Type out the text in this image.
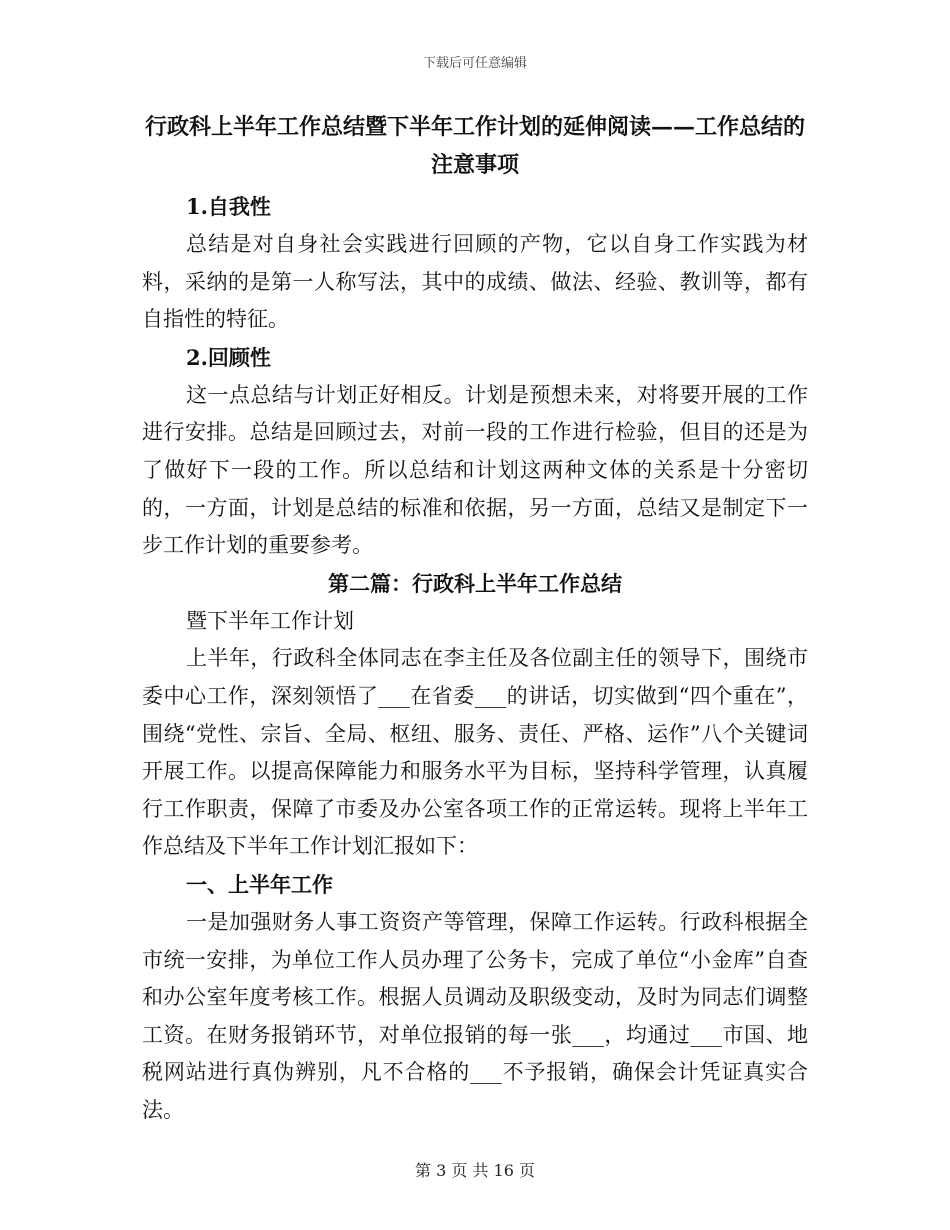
下载后可任意编辑
行政科上半年工作总结暨下半年工作计划的延伸阅读——工作总结的注意事项
1.自我性
总结是对自身社会实践进行回顾的产物，它以自身工作实践为材料，采纳的是第一人称写法，其中的成绩、做法、经验、教训等，都有自指性的特征。
2.回顾性
这一点总结与计划正好相反。计划是预想未来，对将要开展的工作进行安排。总结是回顾过去，对前一段的工作进行检验，但目的还是为了做好下一段的工作。所以总结和计划这两种文体的关系是十分密切的，一方面，计划是总结的标准和依据，另一方面，总结又是制定下一步工作计划的重要参考。
第二篇：行政科上半年工作总结
暨下半年工作计划
上半年，行政科全体同志在李主任及各位副主任的领导下，围绕市委中心工作，深刻领悟了___在省委___的讲话，切实做到“四个重在”，围绕“党性、宗旨、全局、枢纽、服务、责任、严格、运作”八个关键词开展工作。以提高保障能力和服务水平为目标，坚持科学管理，认真履行工作职责，保障了市委及办公室各项工作的正常运转。现将上半年工作总结及下半年工作计划汇报如下：
一、上半年工作
一是加强财务人事工资资产等管理，保障工作运转。行政科根据全市统一安排，为单位工作人员办理了公务卡，完成了单位“小金库”自查和办公室年度考核工作。根据人员调动及职级变动，及时为同志们调整工资。在财务报销环节，对单位报销的每一张___，均通过___市国、地税网站进行真伪辨别，凡不合格的___不予报销，确保会计凭证真实合法。
第 3 页 共 16 页
